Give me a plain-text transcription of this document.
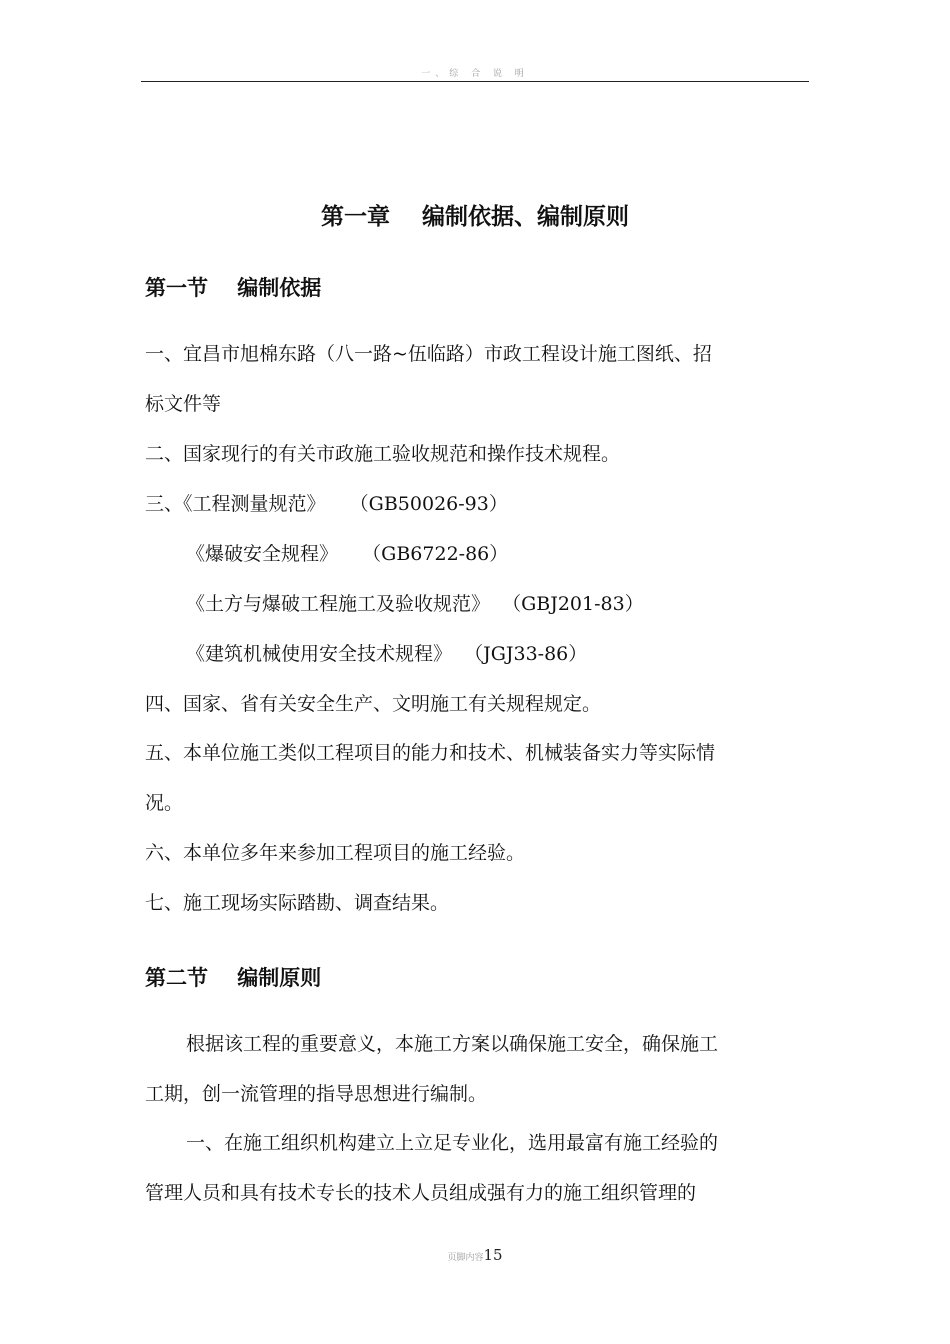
一、综 合 说 明
第一章    编制依据、编制原则
第一节    编制依据
一、宜昌市旭棉东路（八一路~伍临路）市政工程设计施工图纸、招
标文件等
二、国家现行的有关市政施工验收规范和操作技术规程。
三、《工程测量规范》    （GB50026-93）
《爆破安全规程》    （GB6722-86）
《土方与爆破工程施工及验收规范》  （GBJ201-83）
《建筑机械使用安全技术规程》  （JGJ33-86）
四、国家、省有关安全生产、文明施工有关规程规定。
五、本单位施工类似工程项目的能力和技术、机械装备实力等实际情
况。
六、本单位多年来参加工程项目的施工经验。
七、施工现场实际踏勘、调查结果。
第二节    编制原则
根据该工程的重要意义，本施工方案以确保施工安全，确保施工
工期，创一流管理的指导思想进行编制。
一、在施工组织机构建立上立足专业化，选用最富有施工经验的
管理人员和具有技术专长的技术人员组成强有力的施工组织管理的
页脚内容15
